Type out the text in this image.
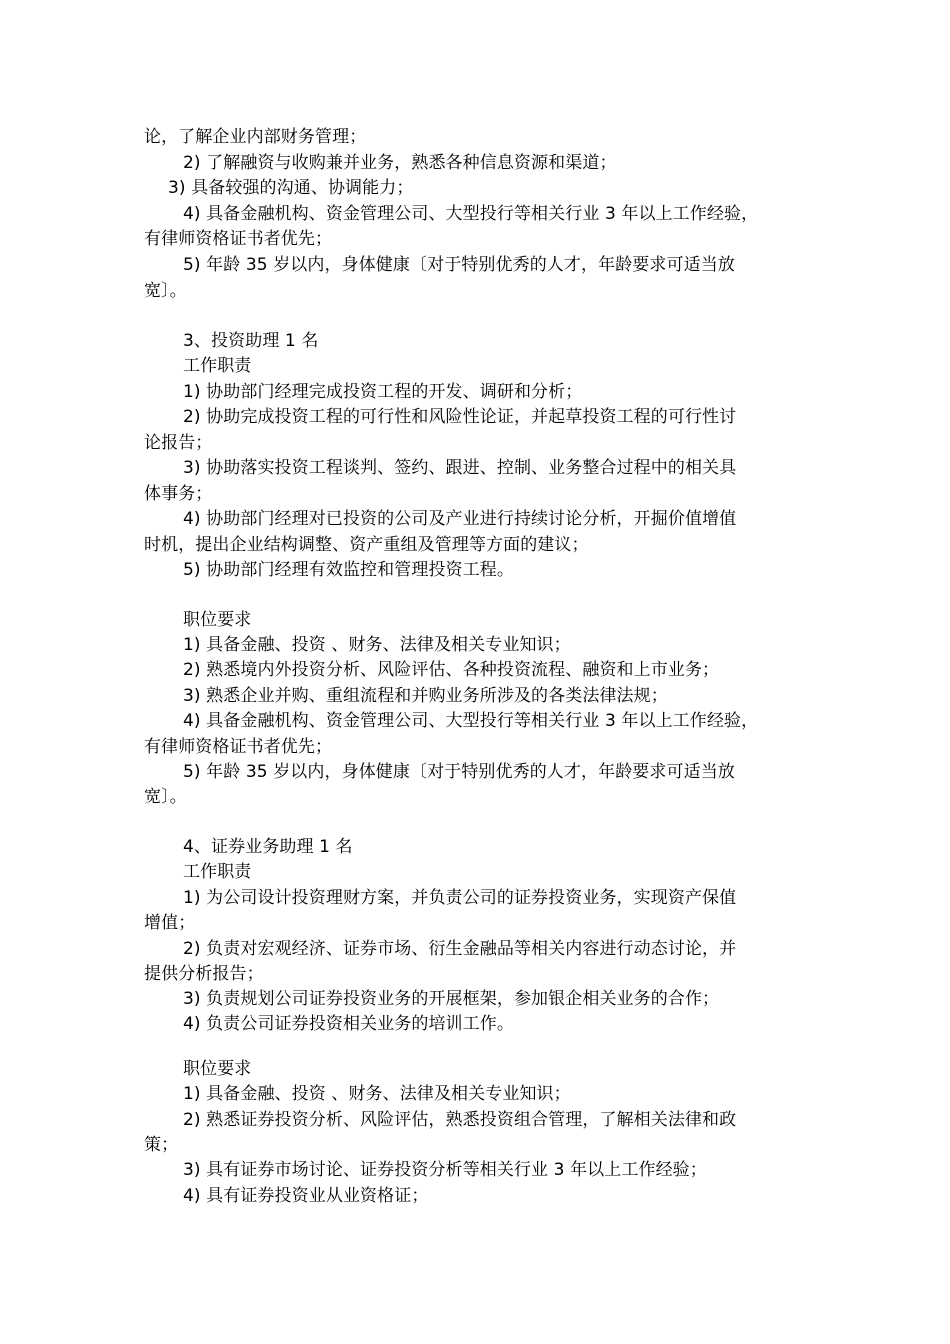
论，了解企业内部财务管理；
2) 了解融资与收购兼并业务，熟悉各种信息资源和渠道；
3) 具备较强的沟通、协调能力；
4) 具备金融机构、资金管理公司、大型投行等相关行业 3 年以上工作经验，
有律师资格证书者优先；
5) 年龄 35 岁以内，身体健康〔对于特别优秀的人才，年龄要求可适当放
宽〕。
3、投资助理 1 名
工作职责
1) 协助部门经理完成投资工程的开发、调研和分析；
2) 协助完成投资工程的可行性和风险性论证，并起草投资工程的可行性讨
论报告；
3) 协助落实投资工程谈判、签约、跟进、控制、业务整合过程中的相关具
体事务；
4) 协助部门经理对已投资的公司及产业进行持续讨论分析，开掘价值增值
时机，提出企业结构调整、资产重组及管理等方面的建议；
5) 协助部门经理有效监控和管理投资工程。
职位要求
1) 具备金融、投资 、财务、法律及相关专业知识；
2) 熟悉境内外投资分析、风险评估、各种投资流程、融资和上市业务；
3) 熟悉企业并购、重组流程和并购业务所涉及的各类法律法规；
4) 具备金融机构、资金管理公司、大型投行等相关行业 3 年以上工作经验，
有律师资格证书者优先；
5) 年龄 35 岁以内，身体健康〔对于特别优秀的人才，年龄要求可适当放
宽〕。
4、证券业务助理 1 名
工作职责
1) 为公司设计投资理财方案，并负责公司的证券投资业务，实现资产保值
增值；
2) 负责对宏观经济、证券市场、衍生金融品等相关内容进行动态讨论，并
提供分析报告；
3) 负责规划公司证券投资业务的开展框架，参加银企相关业务的合作；
4) 负责公司证券投资相关业务的培训工作。
职位要求
1) 具备金融、投资 、财务、法律及相关专业知识；
2) 熟悉证券投资分析、风险评估，熟悉投资组合管理，了解相关法律和政
策；
3) 具有证券市场讨论、证券投资分析等相关行业 3 年以上工作经验；
4) 具有证券投资业从业资格证；
